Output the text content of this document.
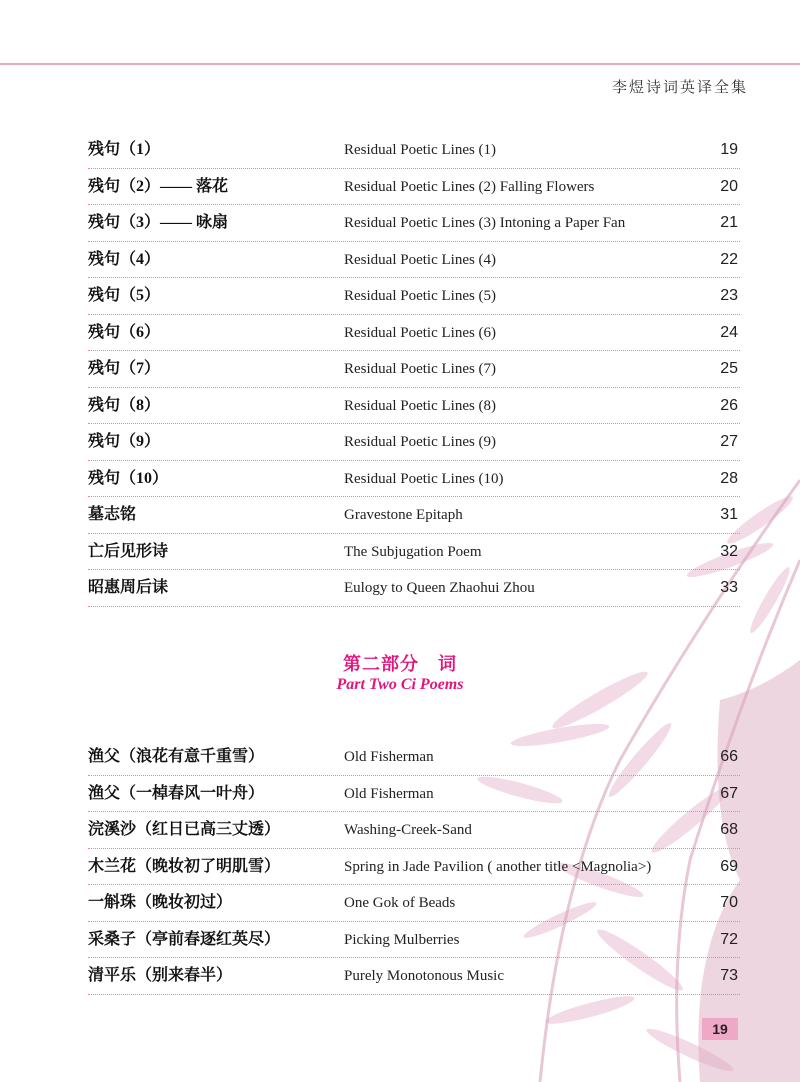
李煜诗词英译全集
残句（1）	Residual Poetic Lines (1)	19
残句（2）—— 落花	Residual Poetic Lines (2) Falling Flowers	20
残句（3）—— 咏扇	Residual Poetic Lines (3) Intoning a Paper Fan	21
残句（4）	Residual Poetic Lines (4)	22
残句（5）	Residual Poetic Lines (5)	23
残句（6）	Residual Poetic Lines (6)	24
残句（7）	Residual Poetic Lines (7)	25
残句（8）	Residual Poetic Lines (8)	26
残句（9）	Residual Poetic Lines (9)	27
残句（10）	Residual Poetic Lines (10)	28
墓志铭	Gravestone Epitaph	31
亡后见形诗	The Subjugation Poem	32
昭惠周后诔	Eulogy to Queen Zhaohui Zhou	33
第二部分　词
Part Two Ci Poems
渔父（浪花有意千重雪）	Old Fisherman	66
渔父（一棹春风一叶舟）	Old Fisherman	67
浣溪沙（红日已高三丈透）	Washing-Creek-Sand	68
木兰花（晚妆初了明肌雪）	Spring in Jade Pavilion ( another title <Magnolia>)	69
一斛珠（晚妆初过）	One Gok of Beads	70
采桑子（亭前春逐红英尽）	Picking Mulberries	72
清平乐（别来春半）	Purely Monotonous Music	73
19
